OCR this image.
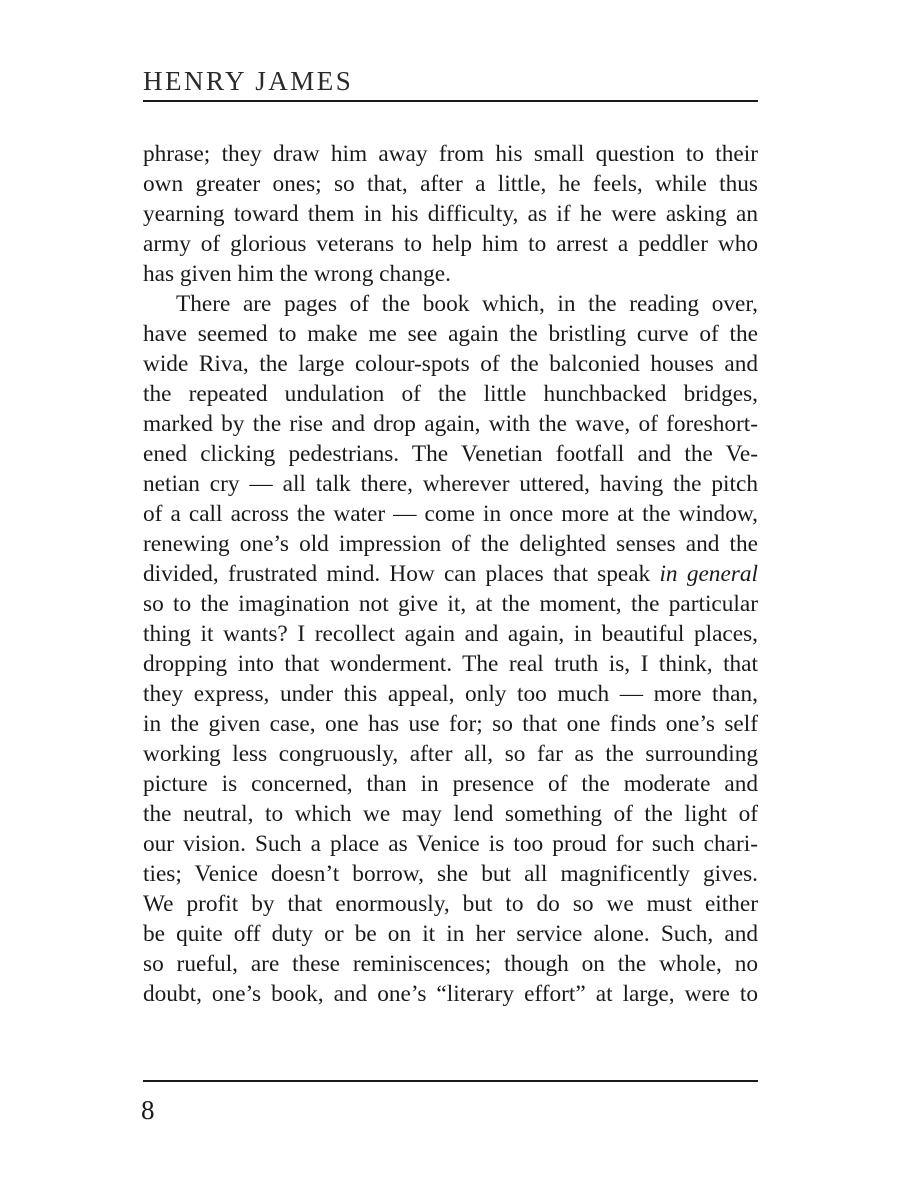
HENRY JAMES
phrase; they draw him away from his small question to their
own greater ones; so that, after a little, he feels, while thus
yearning toward them in his difficulty, as if he were asking an
army of glorious veterans to help him to arrest a peddler who
has given him the wrong change.
There are pages of the book which, in the reading over,
have seemed to make me see again the bristling curve of the
wide Riva, the large colour-spots of the balconied houses and
the repeated undulation of the little hunchbacked bridges,
marked by the rise and drop again, with the wave, of foreshort-
ened clicking pedestrians. The Venetian footfall and the Ve-
netian cry — all talk there, wherever uttered, having the pitch
of a call across the water — come in once more at the window,
renewing one’s old impression of the delighted senses and the
divided, frustrated mind. How can places that speak in general
so to the imagination not give it, at the moment, the particular
thing it wants? I recollect again and again, in beautiful places,
dropping into that wonderment. The real truth is, I think, that
they express, under this appeal, only too much — more than,
in the given case, one has use for; so that one finds one’s self
working less congruously, after all, so far as the surrounding
picture is concerned, than in presence of the moderate and
the neutral, to which we may lend something of the light of
our vision. Such a place as Venice is too proud for such chari-
ties; Venice doesn’t borrow, she but all magnificently gives.
We profit by that enormously, but to do so we must either
be quite off duty or be on it in her service alone. Such, and
so rueful, are these reminiscences; though on the whole, no
doubt, one’s book, and one’s “literary effort” at large, were to
8
